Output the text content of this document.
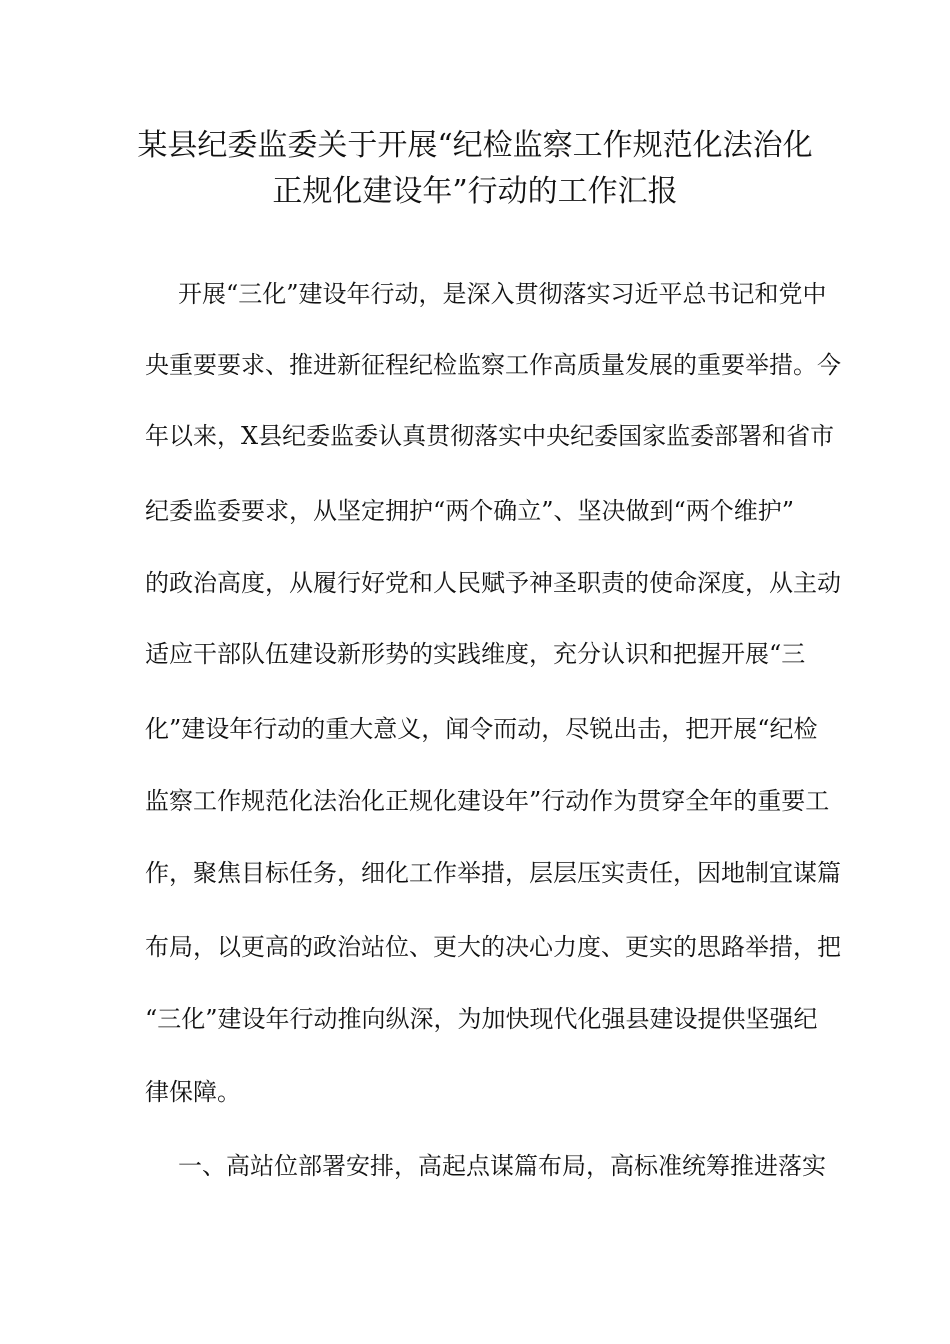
某县纪委监委关于开展“纪检监察工作规范化法治化
正规化建设年”行动的工作汇报
开展“三化”建设年行动，是深入贯彻落实习近平总书记和党中
央重要要求、推进新征程纪检监察工作高质量发展的重要举措。今
年以来，X县纪委监委认真贯彻落实中央纪委国家监委部署和省市
纪委监委要求，从坚定拥护“两个确立”、坚决做到“两个维护”
的政治高度，从履行好党和人民赋予神圣职责的使命深度，从主动
适应干部队伍建设新形势的实践维度，充分认识和把握开展“三
化”建设年行动的重大意义，闻令而动，尽锐出击，把开展“纪检
监察工作规范化法治化正规化建设年”行动作为贯穿全年的重要工
作，聚焦目标任务，细化工作举措，层层压实责任，因地制宜谋篇
布局，以更高的政治站位、更大的决心力度、更实的思路举措，把
“三化”建设年行动推向纵深，为加快现代化强县建设提供坚强纪
律保障。
一、高站位部署安排，高起点谋篇布局，高标准统筹推进落实
